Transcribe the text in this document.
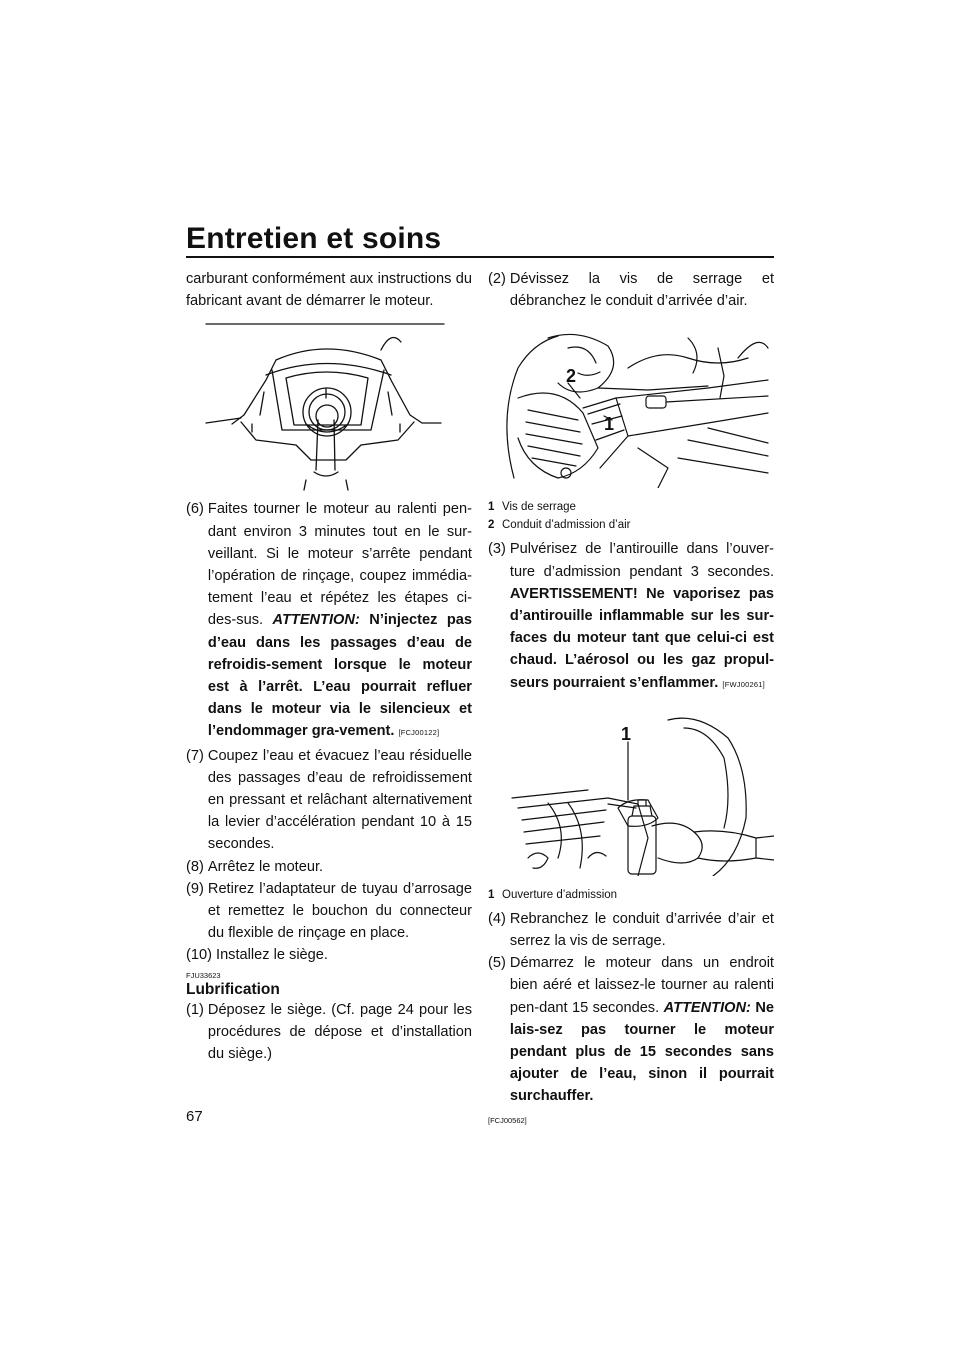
Entretien et soins

carburant conformément aux instructions du fabricant avant de démarrer le moteur.

(6)
Faites tourner le moteur au ralenti pen-dant environ 3 minutes tout en le sur-veillant. Si le moteur s’arrête pendant l’opération de rinçage, coupez immédia-tement l’eau et répétez les étapes ci-des-sus. ATTENTION: N’injectez pas d’eau dans les passages d’eau de refroidis-sement lorsque le moteur est à l’arrêt. L’eau pourrait refluer dans le moteur via le silencieux et l’endommager gra-vement. [FCJ00122]
(7)
Coupez l’eau et évacuez l’eau résiduelle des passages d’eau de refroidissement en pressant et relâchant alternativement la levier d’accélération pendant 10 à 15 secondes.
(8)
Arrêtez le moteur.
(9)
Retirez l’adaptateur de tuyau d’arrosage et remettez le bouchon du connecteur du flexible de rinçage en place.
(10)
Installez le siège.

FJU33623

Lubrification

(1)
Déposez le siège. (Cf. page 24 pour les procédures de dépose et d’installation du siège.)
(2)
Dévissez la vis de serrage et débranchez le conduit d’arrivée d’air.
2
1
1 Vis de serrage
2 Conduit d’admission d’air
(3)
Pulvérisez de l’antirouille dans l’ouver-ture d’admission pendant 3 secondes. AVERTISSEMENT! Ne vaporisez pas d’antirouille inflammable sur les sur-faces du moteur tant que celui-ci est chaud. L’aérosol ou les gaz propul-seurs pourraient s’enflammer. [FWJ00261]
1
1 Ouverture d’admission
(4)
Rebranchez le conduit d’arrivée d’air et serrez la vis de serrage.
(5)
Démarrez le moteur dans un endroit bien aéré et laissez-le tourner au ralenti pen-dant 15 secondes. ATTENTION: Ne lais-sez pas tourner le moteur pendant plus de 15 secondes sans ajouter de l’eau, sinon il pourrait surchauffer.

[FCJ00562]

67
